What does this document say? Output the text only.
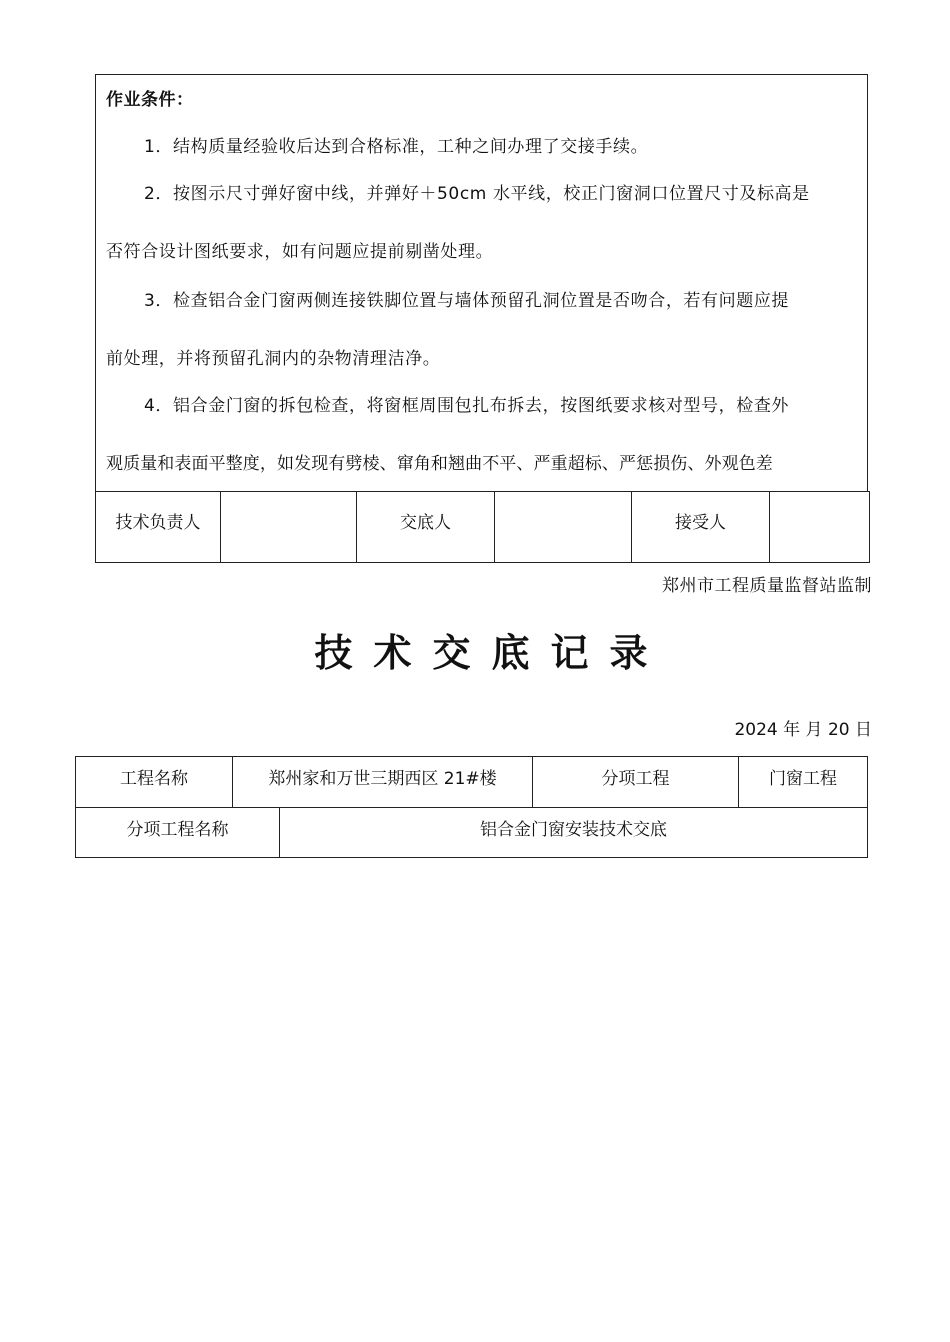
作业条件：
1．结构质量经验收后达到合格标准，工种之间办理了交接手续。
2．按图示尺寸弹好窗中线，并弹好＋50cm 水平线，校正门窗洞口位置尺寸及标高是
否符合设计图纸要求，如有问题应提前剔凿处理。
3．检查铝合金门窗两侧连接铁脚位置与墙体预留孔洞位置是否吻合，若有问题应提
前处理，并将预留孔洞内的杂物清理洁净。
4．铝合金门窗的拆包检查，将窗框周围包扎布拆去，按图纸要求核对型号，检查外
观质量和表面平整度，如发现有劈棱、窜角和翘曲不平、严重超标、严惩损伤、外观色差
技术负责人		交底人		接受人	
郑州市工程质量监督站监制
技术交底记录
2024 年 月 20 日
工程名称	郑州家和万世三期西区 21#楼		分项工程	门窗工程
分项工程名称		铝合金门窗安装技术交底		
